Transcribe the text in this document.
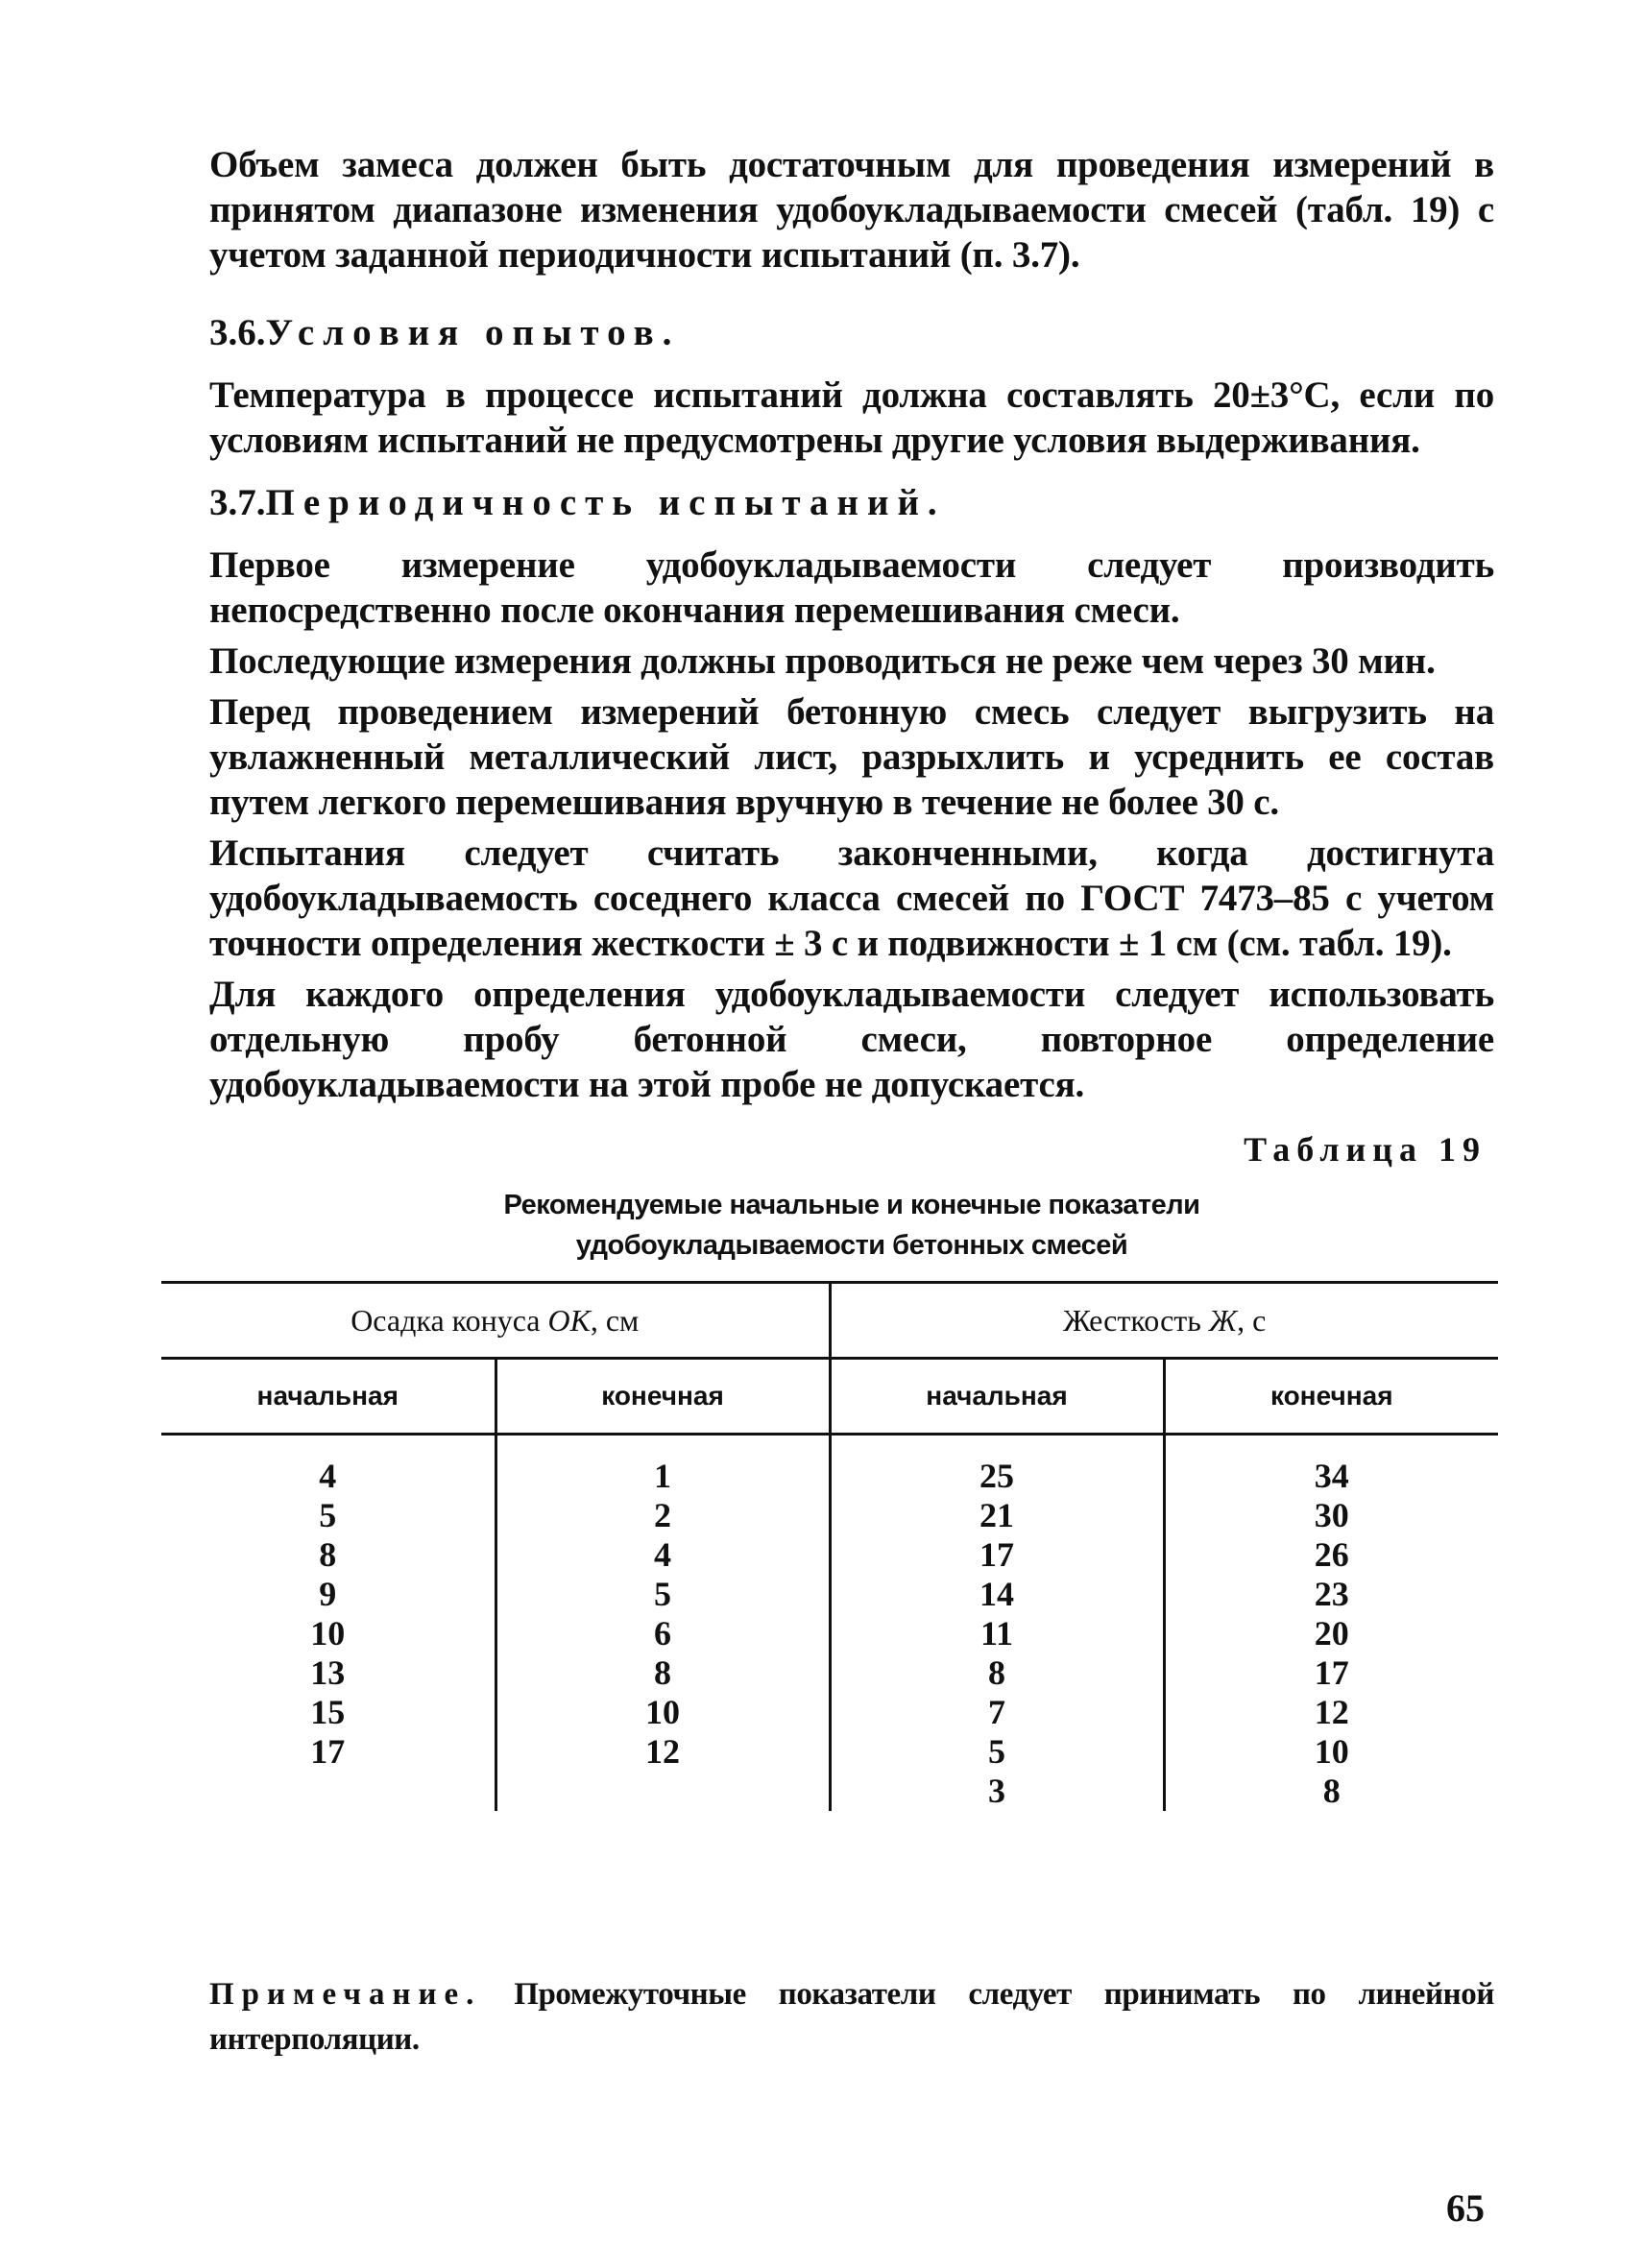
Объем замеса должен быть достаточным для проведения измерений в принятом диапазоне изменения удобоукладываемости смесей (табл. 19) с учетом заданной периодичности испытаний (п. 3.7).

3.6.Условия опытов.

Температура в процессе испытаний должна составлять 20±3°С, если по условиям испытаний не предусмотрены другие условия выдерживания.

3.7.Периодичность испытаний.

Первое измерение удобоукладываемости следует производить непосредственно после окончания перемешивания смеси.

Последующие измерения должны проводиться не реже чем через 30 мин.

Перед проведением измерений бетонную смесь следует выгрузить на увлажненный металлический лист, разрыхлить и усреднить ее состав путем легкого перемешивания вручную в течение не более 30 с.

Испытания следует считать законченными, когда достигнута удобоукладываемость соседнего класса смесей по ГОСТ 7473–85 с учетом точности определения жесткости ± 3 с и подвижности ± 1 см (см. табл. 19).

Для каждого определения удобоукладываемости следует использовать отдельную пробу бетонной смеси, повторное определение удобоукладываемости на этой пробе не допускается.

Таблица 19
Рекомендуемые начальные и конечные показатели
удобоукладываемости бетонных смесей
Осадка конуса ОК, см		Жесткость Ж, с	
начальная	конечная	начальная	конечная
4	1	25	34
5	2	21	30
8	4	17	26
9	5	14	23
10	6	11	20
13	8	8	17
15	10	7	12
17	12	5	10
		3	8
Примечание. Промежуточные показатели следует принимать по линейной интерполяции.
65
